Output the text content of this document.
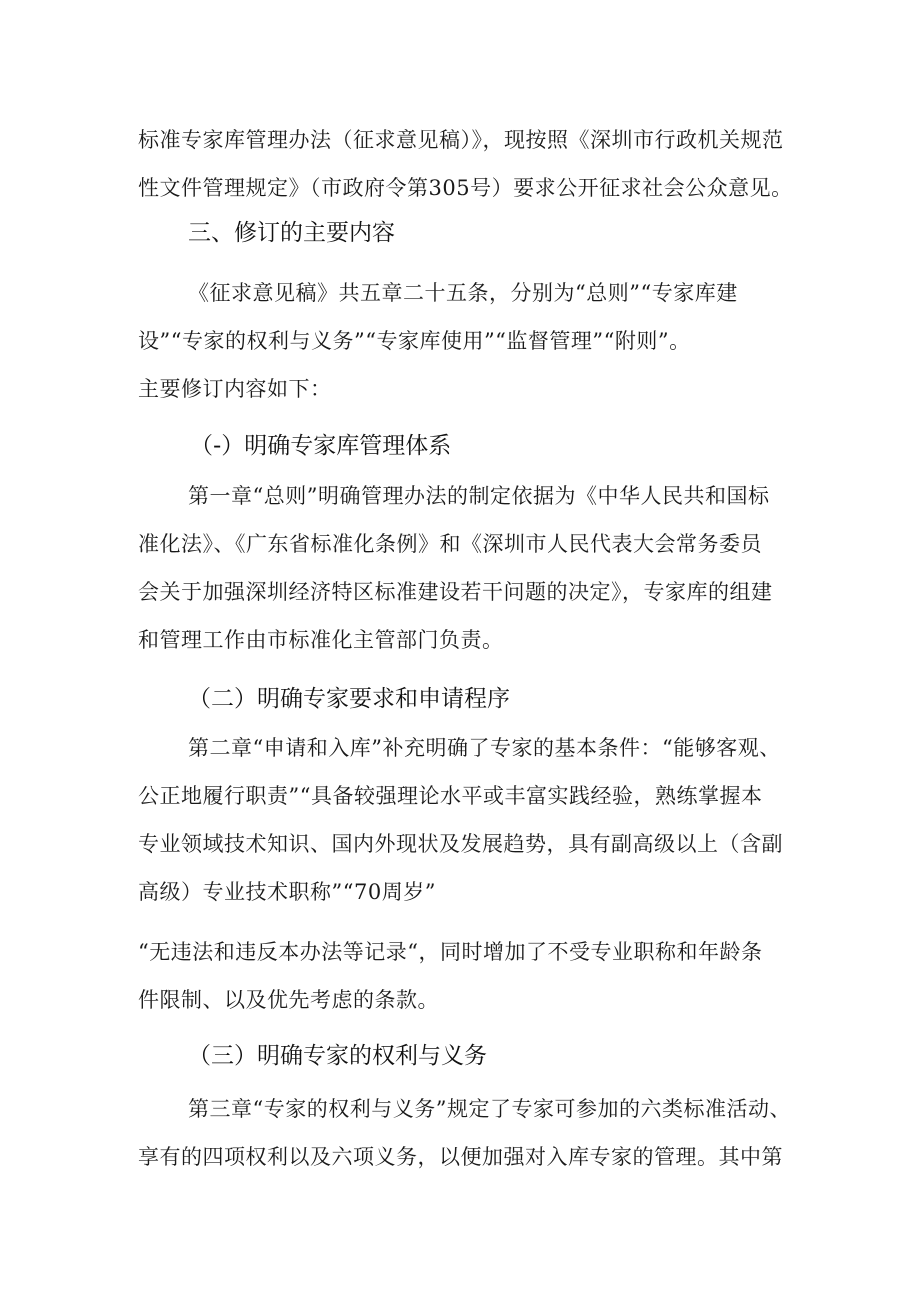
标准专家库管理办法（征求意见稿）》，现按照《深圳市行政机关规范
性文件管理规定》（市政府令第305号）要求公开征求社会公众意见。
三、修订的主要内容
《征求意见稿》共五章二十五条，分别为“总则”“专家库建
设”“专家的权利与义务”“专家库使用”“监督管理”“附则”。
主要修订内容如下：
（-）明确专家库管理体系
第一章“总则”明确管理办法的制定依据为《中华人民共和国标
准化法》、《广东省标准化条例》和《深圳市人民代表大会常务委员
会关于加强深圳经济特区标准建设若干问题的决定》，专家库的组建
和管理工作由市标准化主管部门负责。
（二）明确专家要求和申请程序
第二章“申请和入库”补充明确了专家的基本条件：“能够客观、
公正地履行职责”“具备较强理论水平或丰富实践经验，熟练掌握本
专业领域技术知识、国内外现状及发展趋势，具有副高级以上（含副
高级）专业技术职称”“70周岁”
“无违法和违反本办法等记录“，同时增加了不受专业职称和年龄条
件限制、以及优先考虑的条款。
（三）明确专家的权利与义务
第三章“专家的权利与义务”规定了专家可参加的六类标准活动、
享有的四项权利以及六项义务，以便加强对入库专家的管理。其中第
